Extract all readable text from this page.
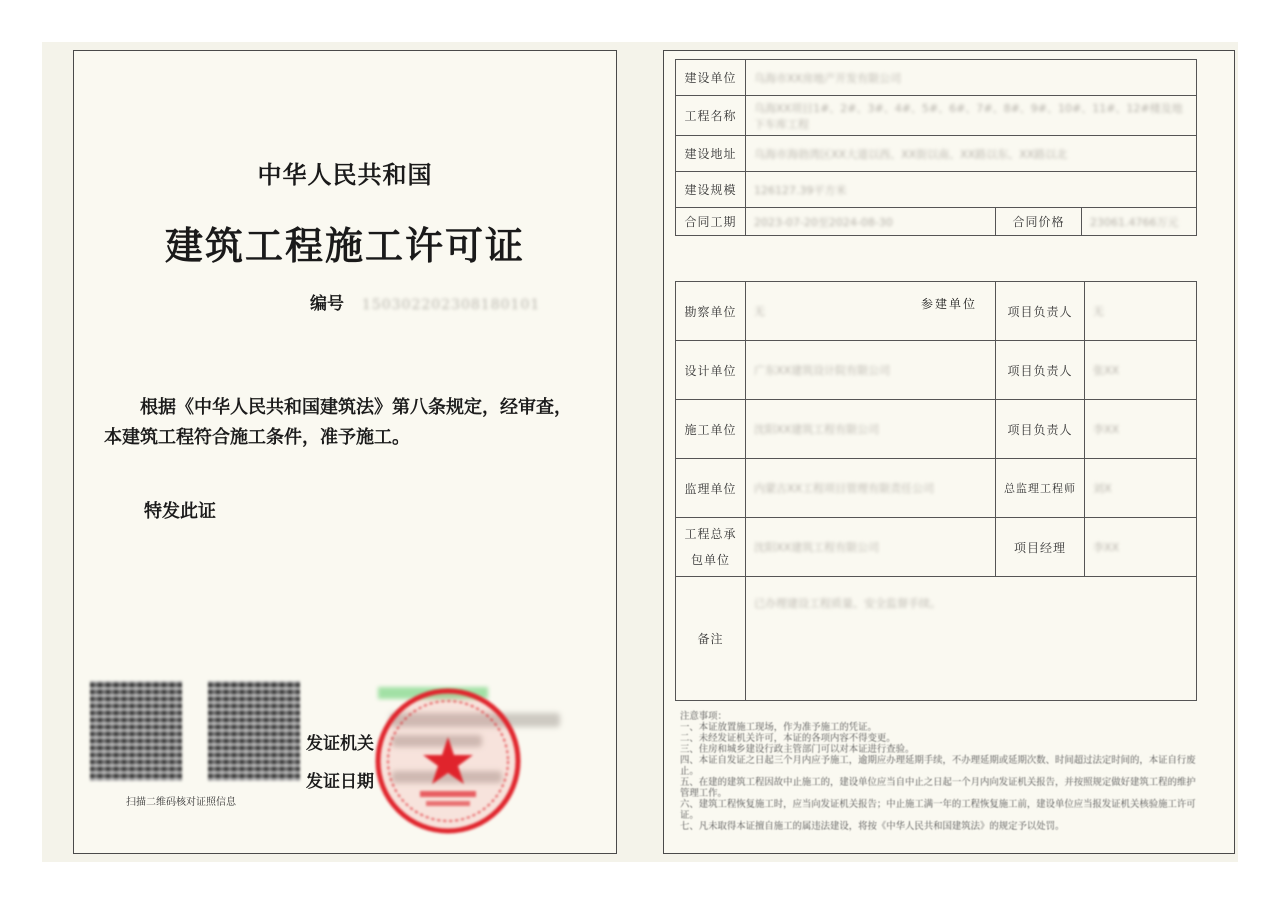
中华人民共和国
建筑工程施工许可证
编号 150302202308180101
根据《中华人民共和国建筑法》第八条规定，经审查，本建筑工程符合施工条件，准予施工。
特发此证
扫描二维码核对证照信息
发证机关
发证日期
建设单位	乌海市XX房地产开发有限公司		
工程名称	乌海XX项目1#、2#、3#、4#、5#、6#、7#、8#、9#、10#、11#、12#楼及地下车库工程		
建设地址	乌海市海勃湾区XX大道以西、XX街以南、XX路以东、XX路以北		
建设规模	126127.39平方米		
合同工期	2023-07-20至2024-08-30	合同价格	23061.4766万元
参建单位
勘察单位	无	项目负责人	无
设计单位	广东XX建筑设计院有限公司	项目负责人	张XX
施工单位	沈阳XX建筑工程有限公司	项目负责人	李XX
监理单位	内蒙古XX工程项目管理有限责任公司	总监理工程师	刘X
工程总承包单位	沈阳XX建筑工程有限公司	项目经理	李XX
备注	已办理建设工程质量、安全监督手续。		
注意事项：
一、本证放置施工现场，作为准予施工的凭证。
二、未经发证机关许可，本证的各项内容不得变更。
三、住房和城乡建设行政主管部门可以对本证进行查验。
四、本证自发证之日起三个月内应予施工，逾期应办理延期手续，不办理延期或延期次数、时间超过法定时间的，本证自行废止。
五、在建的建筑工程因故中止施工的，建设单位应当自中止之日起一个月内向发证机关报告，并按照规定做好建筑工程的维护管理工作。
六、建筑工程恢复施工时，应当向发证机关报告；中止施工满一年的工程恢复施工前，建设单位应当报发证机关核验施工许可证。
七、凡未取得本证擅自施工的属违法建设，将按《中华人民共和国建筑法》的规定予以处罚。
